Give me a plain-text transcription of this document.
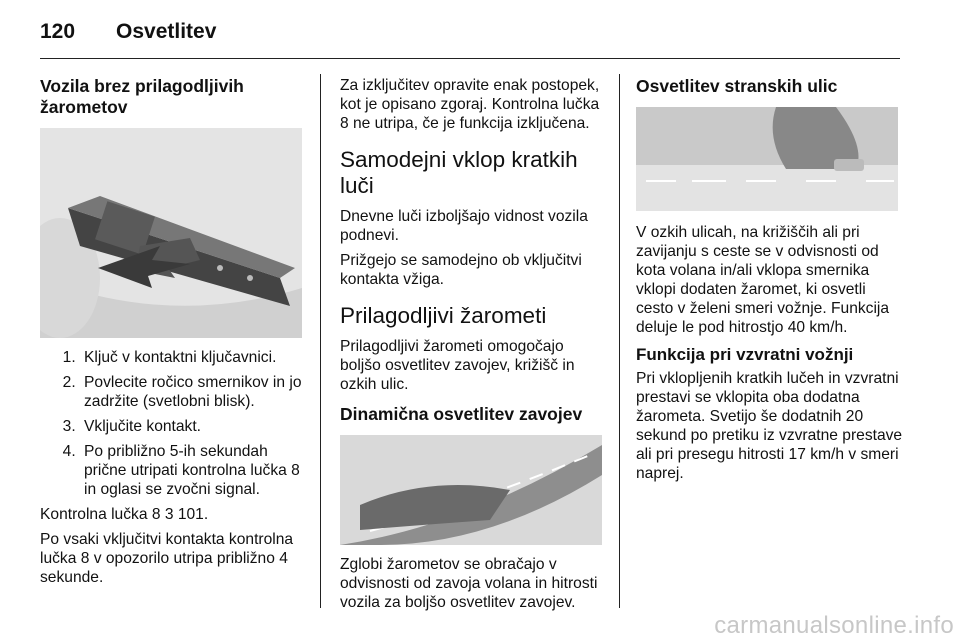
120 Osvetlitev
Vozila brez prilagodljivih žarometov
1. Ključ v kontaktni ključavnici.
2. Povlecite ročico smernikov in jo zadržite (svetlobni blisk).
3. Vključite kontakt.
4. Po približno 5-ih sekundah prične utripati kontrolna lučka 8 in oglasi se zvočni signal.

Kontrolna lučka 8 3 101.

Po vsaki vključitvi kontakta kontrolna lučka 8 v opozorilo utripa približno 4 sekunde.

Za izključitev opravite enak postopek, kot je opisano zgoraj. Kontrolna lučka 8 ne utripa, če je funkcija izključena.

Samodejni vklop kratkih luči

Dnevne luči izboljšajo vidnost vozila podnevi.

Prižgejo se samodejno ob vključitvi kontakta vžiga.

Prilagodljivi žarometi

Prilagodljivi žarometi omogočajo boljšo osvetlitev zavojev, križišč in ozkih ulic.

Dinamična osvetlitev zavojev

Zglobi žarometov se obračajo v odvisnosti od zavoja volana in hitrosti vozila za boljšo osvetlitev zavojev.

Osvetlitev stranskih ulic

V ozkih ulicah, na križiščih ali pri zavijanju s ceste se v odvisnosti od kota volana in/ali vklopa smernika vklopi dodaten žaromet, ki osvetli cesto v želeni smeri vožnje. Funkcija deluje le pod hitrostjo 40 km/h.

Funkcija pri vzvratni vožnji

Pri vklopljenih kratkih lučeh in vzvratni prestavi se vklopita oba dodatna žarometa. Svetijo še dodatnih 20 sekund po pretiku iz vzvratne prestave ali pri presegu hitrosti 17 km/h v smeri naprej.

carmanualsonline.info
